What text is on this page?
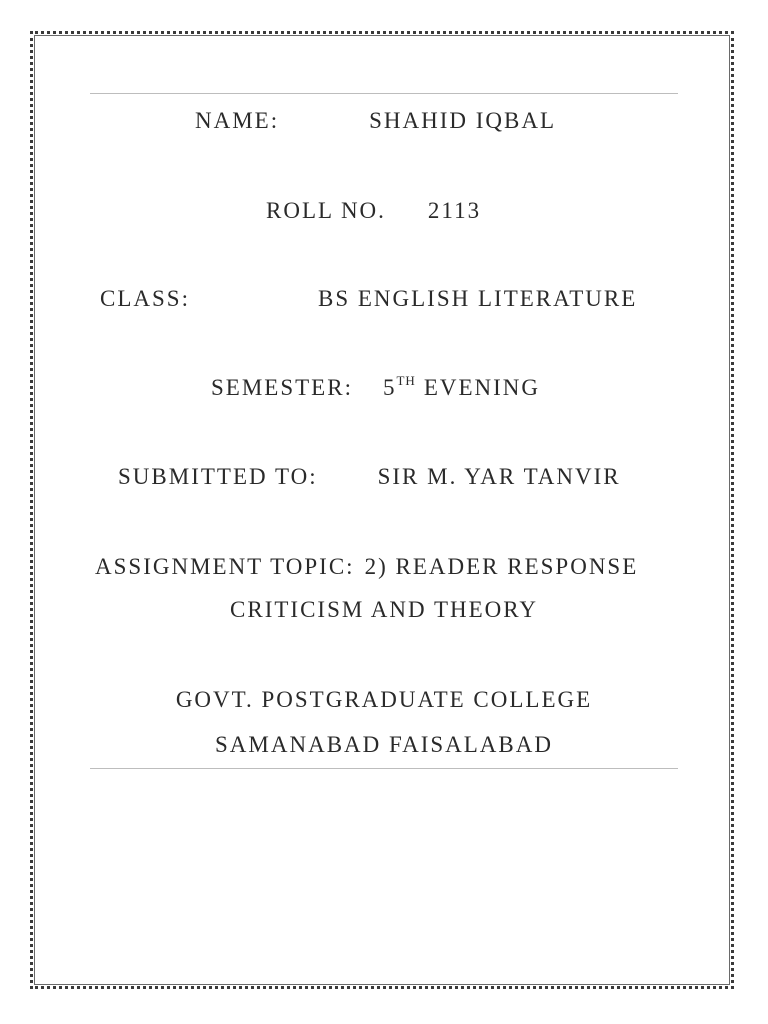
NAME:	SHAHID IQBAL
ROLL NO. 2113
CLASS:	BS ENGLISH LITERATURE
SEMESTER: 5TH EVENING
SUBMITTED TO:	SIR M. YAR TANVIR
ASSIGNMENT TOPIC: 2) READER RESPONSE
CRITICISM AND THEORY
GOVT. POSTGRADUATE COLLEGE
SAMANABAD FAISALABAD
